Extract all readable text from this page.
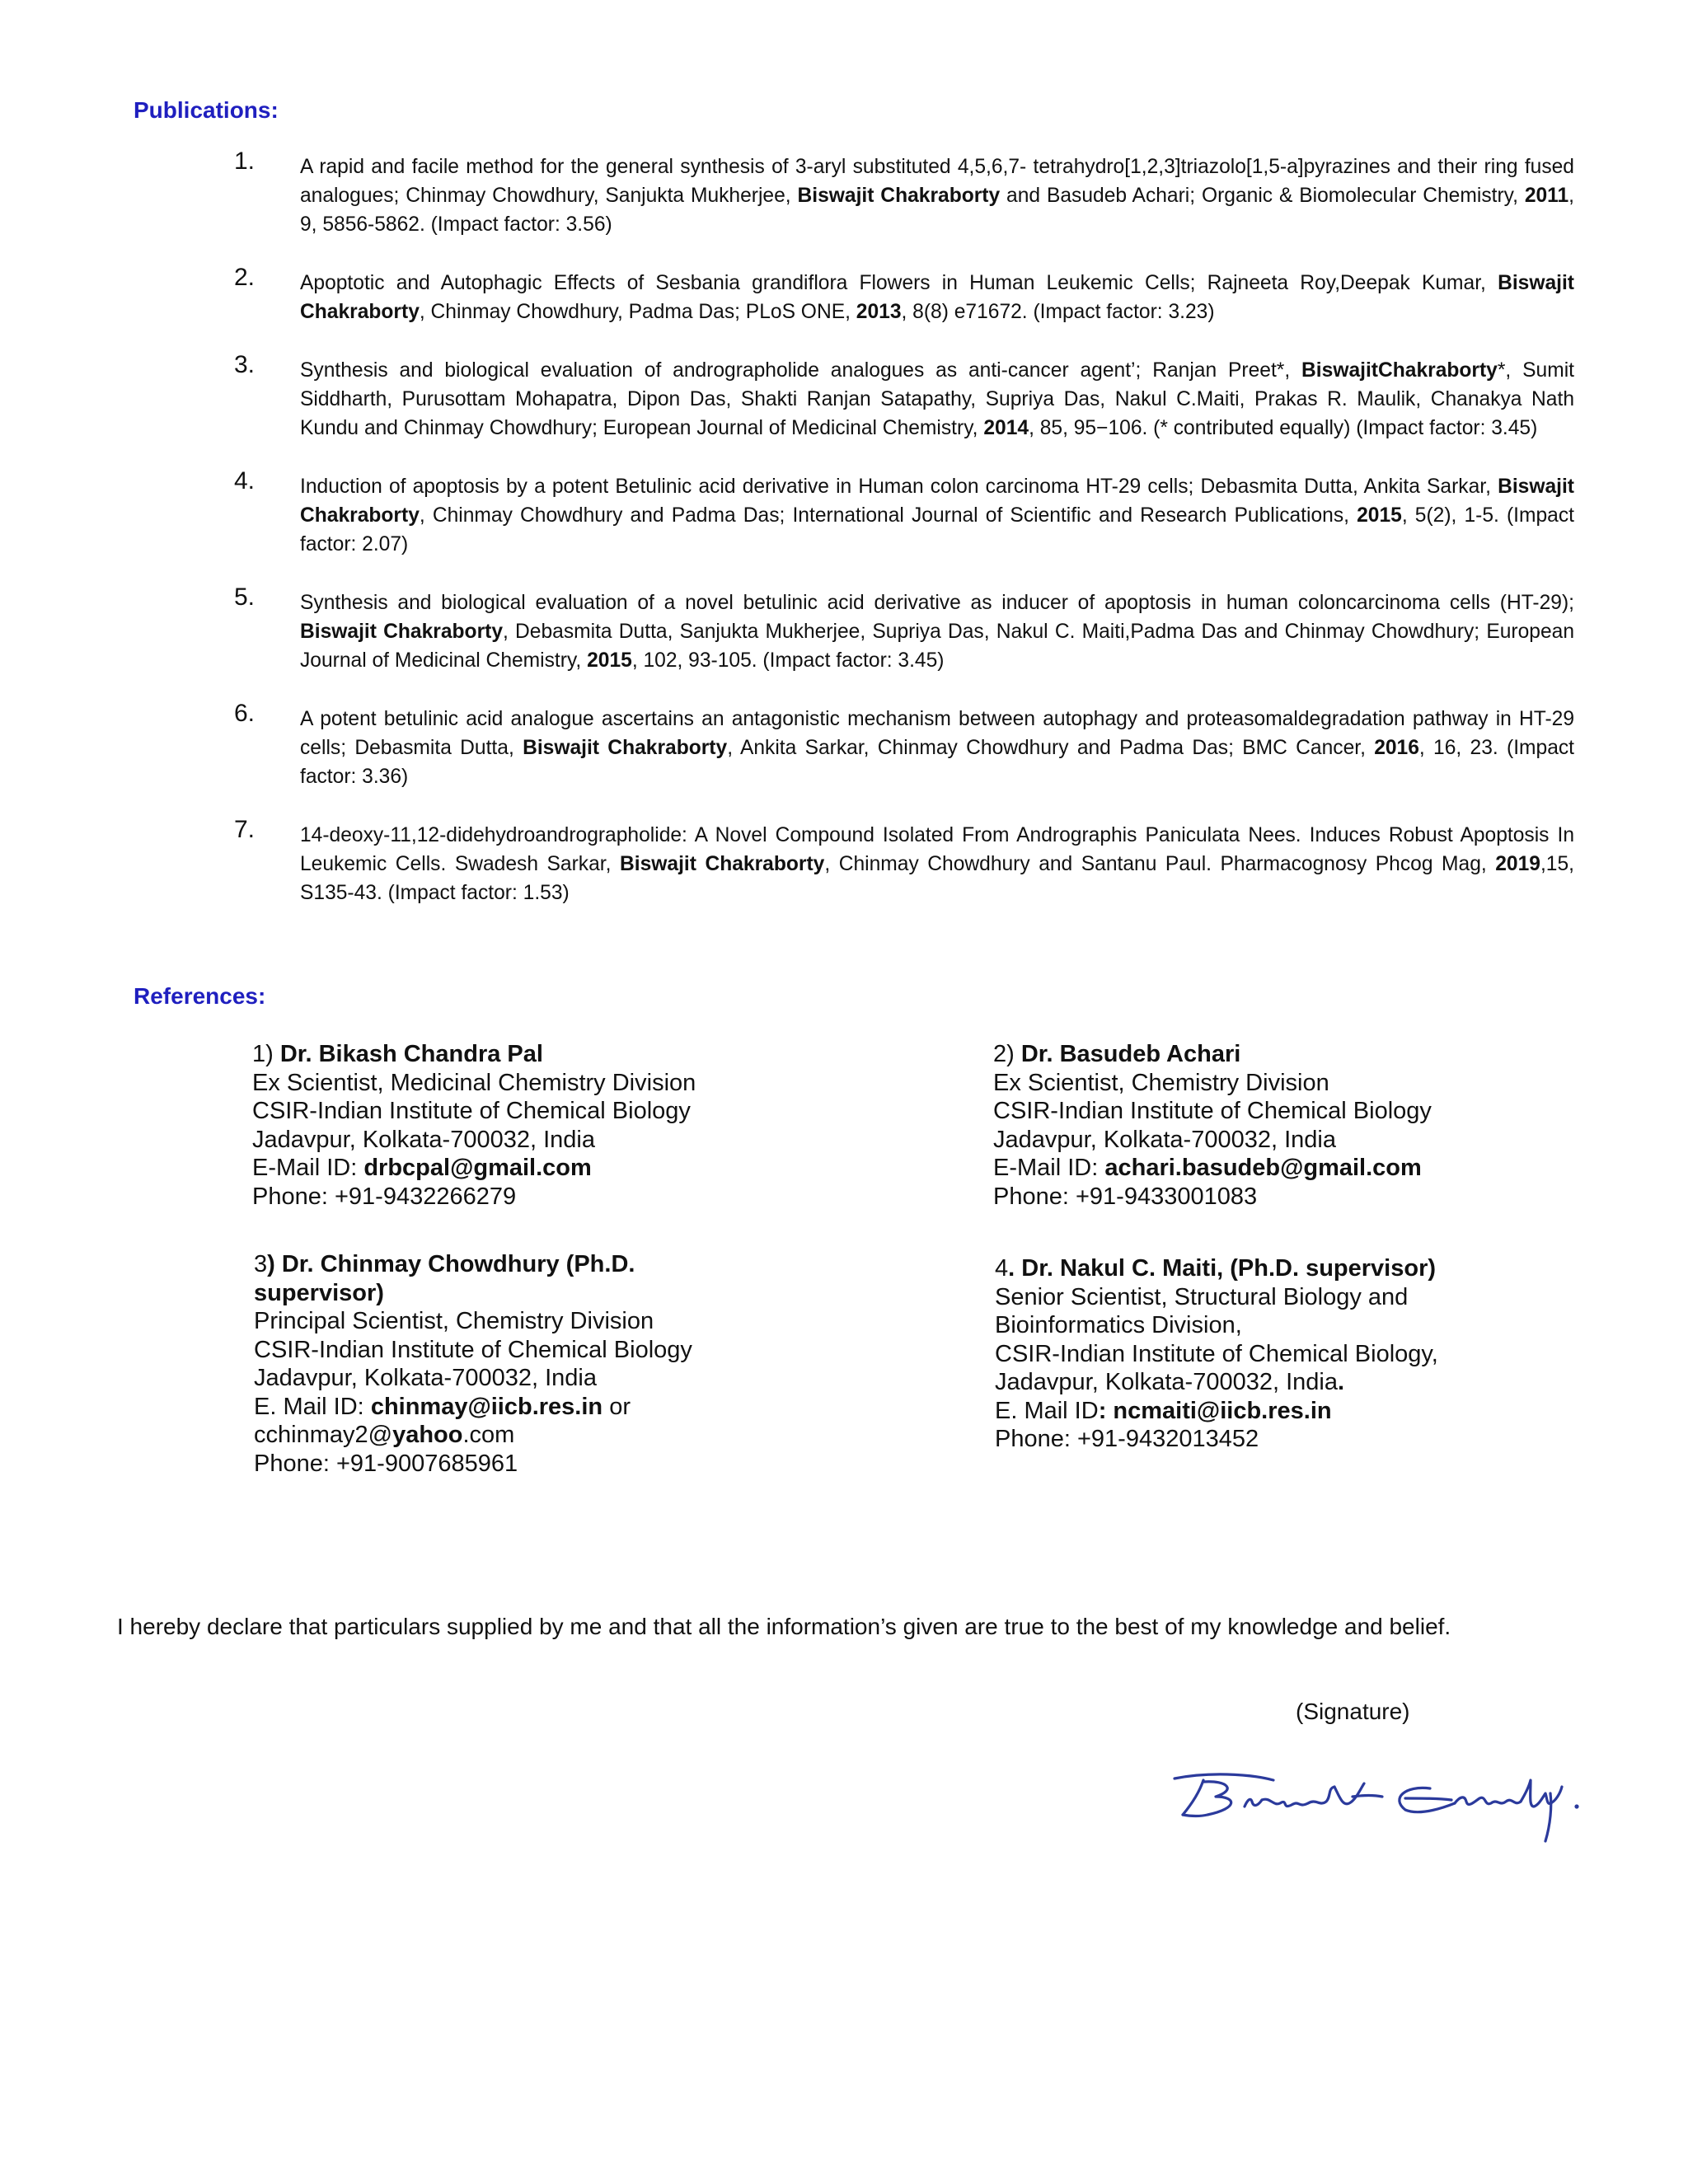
Publications:
1. A rapid and facile method for the general synthesis of 3-aryl substituted 4,5,6,7- tetrahydro[1,2,3]triazolo[1,5-a]pyrazines and their ring fused analogues; Chinmay Chowdhury, Sanjukta Mukherjee, Biswajit Chakraborty and Basudeb Achari; Organic & Biomolecular Chemistry, 2011, 9, 5856-5862. (Impact factor: 3.56)
2. Apoptotic and Autophagic Effects of Sesbania grandiflora Flowers in Human Leukemic Cells; Rajneeta Roy,Deepak Kumar, Biswajit Chakraborty, Chinmay Chowdhury, Padma Das; PLoS ONE, 2013, 8(8) e71672. (Impact factor: 3.23)
3. Synthesis and biological evaluation of andrographolide analogues as anti-cancer agent’; Ranjan Preet*, BiswajitChakraborty*, Sumit Siddharth, Purusottam Mohapatra, Dipon Das, Shakti Ranjan Satapathy, Supriya Das, Nakul C.Maiti, Prakas R. Maulik, Chanakya Nath Kundu and Chinmay Chowdhury; European Journal of Medicinal Chemistry, 2014, 85, 95−106. (* contributed equally) (Impact factor: 3.45)
4. Induction of apoptosis by a potent Betulinic acid derivative in Human colon carcinoma HT-29 cells; Debasmita Dutta, Ankita Sarkar, Biswajit Chakraborty, Chinmay Chowdhury and Padma Das; International Journal of Scientific and Research Publications, 2015, 5(2), 1-5. (Impact factor: 2.07)
5. Synthesis and biological evaluation of a novel betulinic acid derivative as inducer of apoptosis in human coloncarcinoma cells (HT-29); Biswajit Chakraborty, Debasmita Dutta, Sanjukta Mukherjee, Supriya Das, Nakul C. Maiti,Padma Das and Chinmay Chowdhury; European Journal of Medicinal Chemistry, 2015, 102, 93-105. (Impact factor: 3.45)
6. A potent betulinic acid analogue ascertains an antagonistic mechanism between autophagy and proteasomaldegradation pathway in HT-29 cells; Debasmita Dutta, Biswajit Chakraborty, Ankita Sarkar, Chinmay Chowdhury and Padma Das; BMC Cancer, 2016, 16, 23. (Impact factor: 3.36)
7. 14-deoxy-11,12-didehydroandrographolide: A Novel Compound Isolated From Andrographis Paniculata Nees. Induces Robust Apoptosis In Leukemic Cells. Swadesh Sarkar, Biswajit Chakraborty, Chinmay Chowdhury and Santanu Paul. Pharmacognosy Phcog Mag, 2019,15, S135-43. (Impact factor: 1.53)
References:
1) Dr. Bikash Chandra Pal
Ex Scientist, Medicinal Chemistry Division
CSIR-Indian Institute of Chemical Biology
Jadavpur, Kolkata-700032, India
E-Mail ID: drbcpal@gmail.com
Phone: +91-9432266279
2) Dr. Basudeb Achari
Ex Scientist, Chemistry Division
CSIR-Indian Institute of Chemical Biology
Jadavpur, Kolkata-700032, India
E-Mail ID: achari.basudeb@gmail.com
Phone: +91-9433001083
3) Dr. Chinmay Chowdhury (Ph.D. supervisor)
Principal Scientist, Chemistry Division
CSIR-Indian Institute of Chemical Biology
Jadavpur, Kolkata-700032, India
E. Mail ID: chinmay@iicb.res.in or
cchinmay2@yahoo.com
Phone: +91-9007685961
4. Dr. Nakul C. Maiti, (Ph.D. supervisor)
Senior Scientist, Structural Biology and
Bioinformatics Division,
CSIR-Indian Institute of Chemical Biology,
Jadavpur, Kolkata-700032, India.
E. Mail ID: ncmaiti@iicb.res.in
Phone: +91-9432013452
I hereby declare that particulars supplied by me and that all the information’s given are true to the best of my knowledge and belief.
(Signature)
